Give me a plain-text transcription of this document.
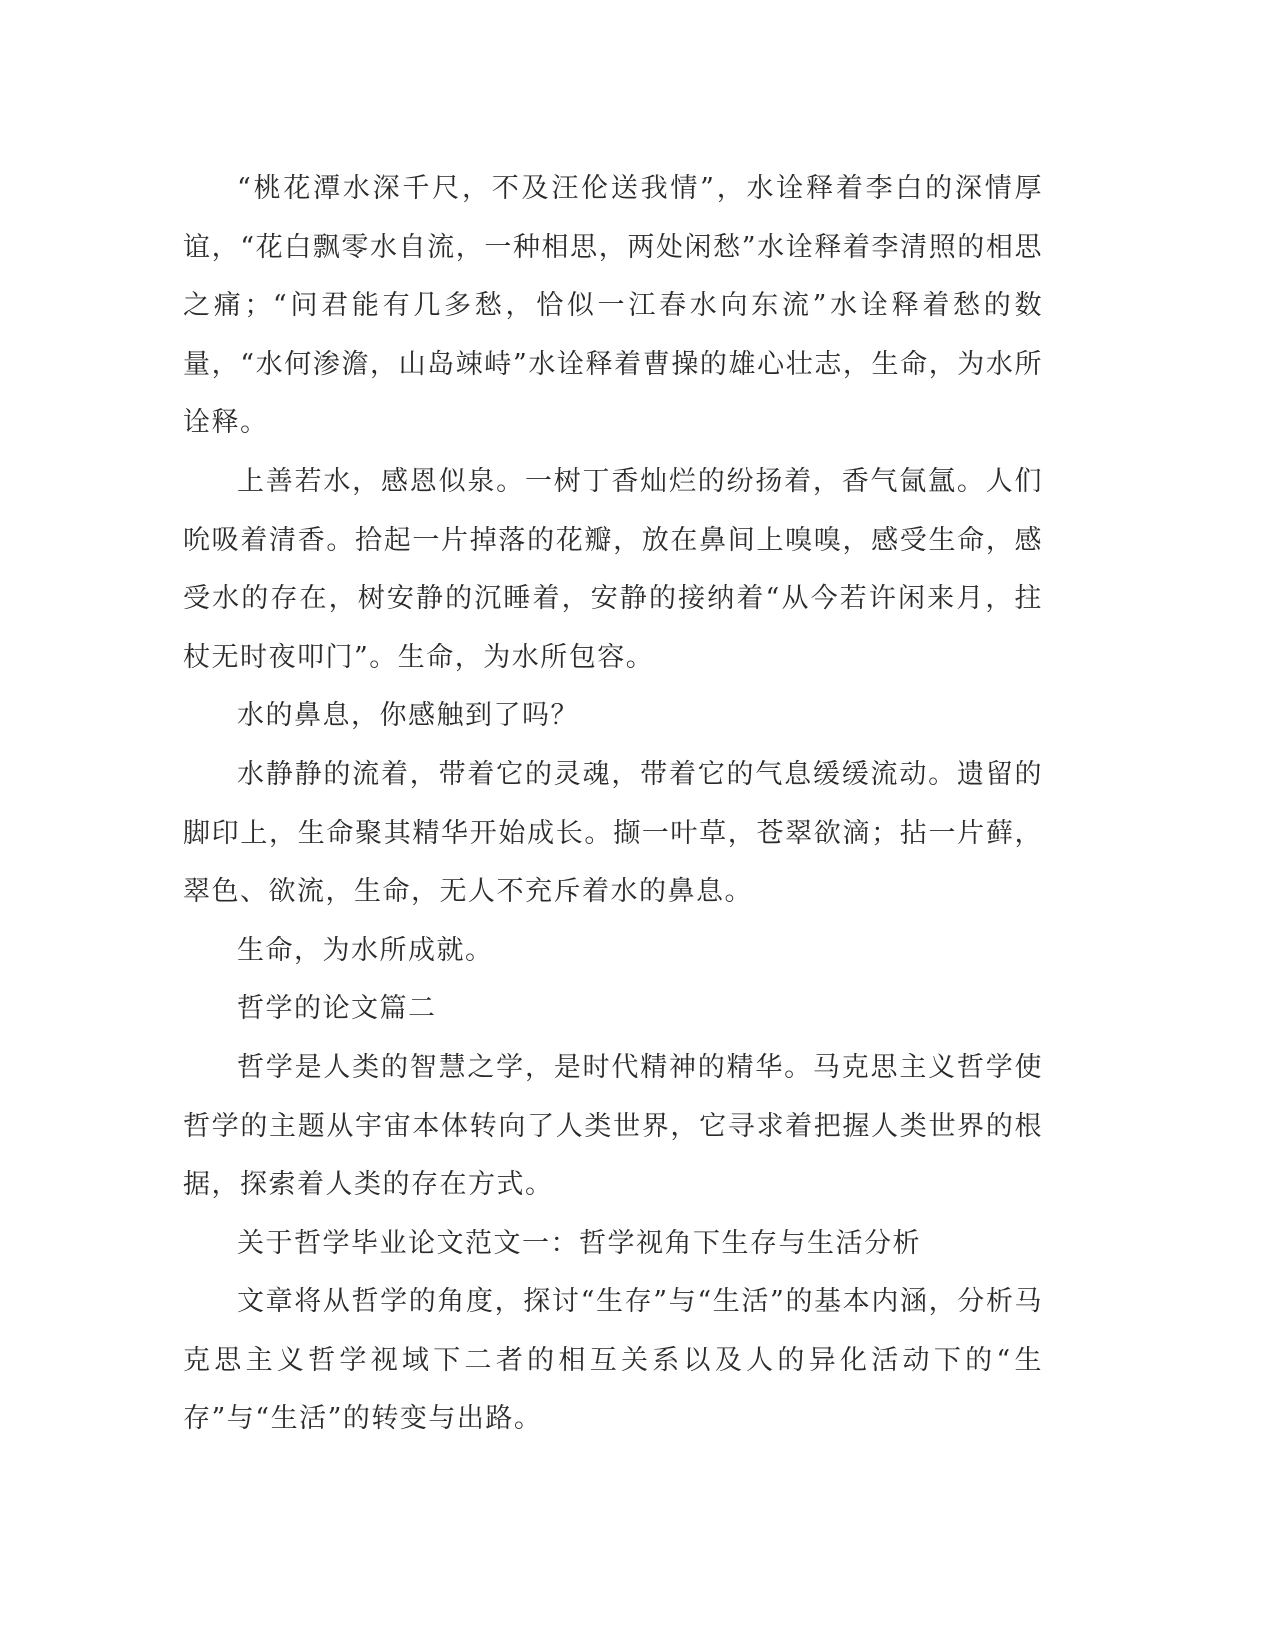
“桃花潭水深千尺，不及汪伦送我情”，水诠释着李白的深情厚谊，“花白飘零水自流，一种相思，两处闲愁”水诠释着李清照的相思之痛；“问君能有几多愁，恰似一江春水向东流”水诠释着愁的数量，“水何渗澹，山岛竦峙”水诠释着曹操的雄心壮志，生命，为水所诠释。

上善若水，感恩似泉。一树丁香灿烂的纷扬着，香气氤氲。人们吮吸着清香。拾起一片掉落的花瓣，放在鼻间上嗅嗅，感受生命，感受水的存在，树安静的沉睡着，安静的接纳着“从今若许闲来月，拄杖无时夜叩门”。生命，为水所包容。

水的鼻息，你感触到了吗？

水静静的流着，带着它的灵魂，带着它的气息缓缓流动。遗留的脚印上，生命聚其精华开始成长。撷一叶草，苍翠欲滴；拈一片藓，翠色、欲流，生命，无人不充斥着水的鼻息。

生命，为水所成就。

哲学的论文篇二

哲学是人类的智慧之学，是时代精神的精华。马克思主义哲学使哲学的主题从宇宙本体转向了人类世界，它寻求着把握人类世界的根据，探索着人类的存在方式。

关于哲学毕业论文范文一：哲学视角下生存与生活分析

文章将从哲学的角度，探讨“生存”与“生活”的基本内涵，分析马克思主义哲学视域下二者的相互关系以及人的异化活动下的“生存”与“生活”的转变与出路。
